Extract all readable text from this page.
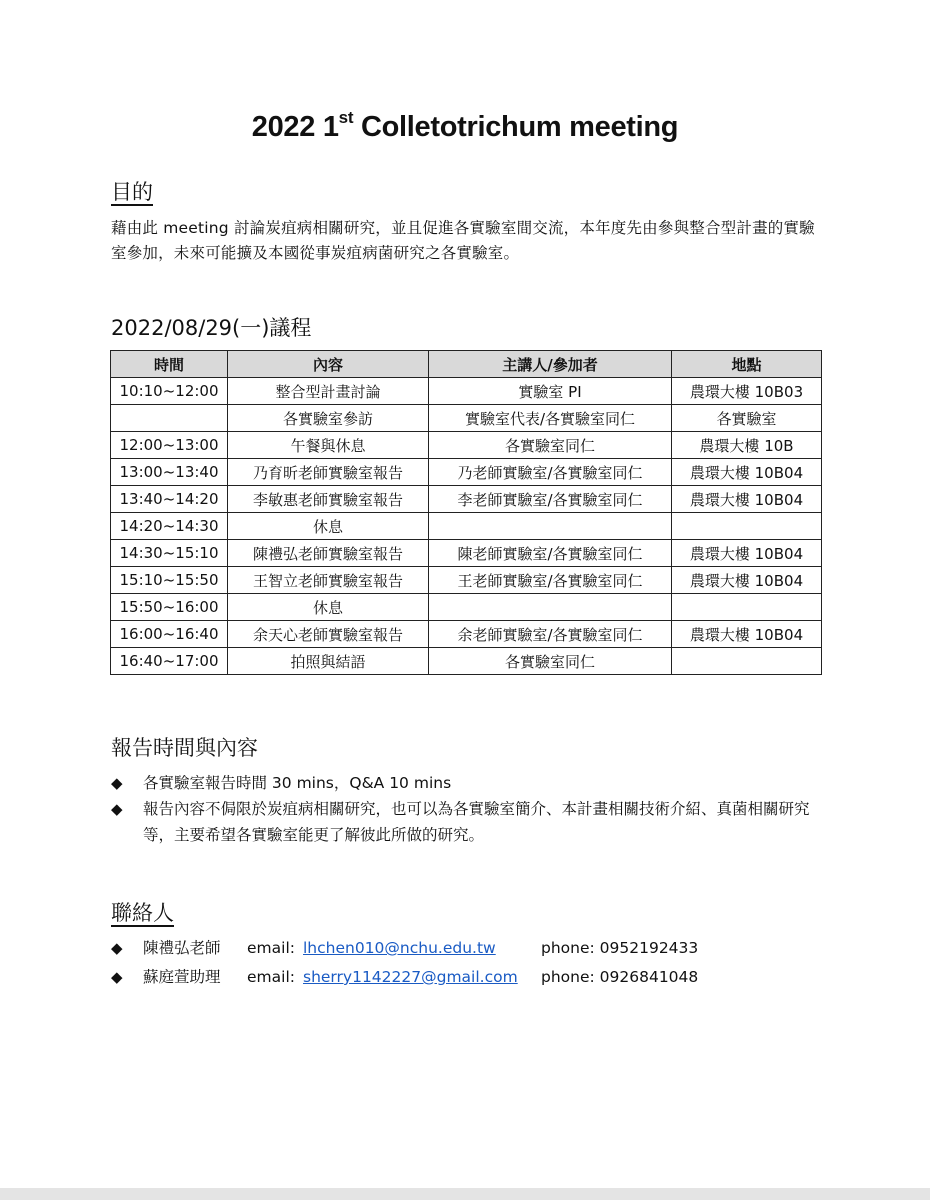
2022 1st Colletotrichum meeting
目的

藉由此 meeting 討論炭疽病相關研究，並且促進各實驗室間交流，本年度先由參與整合型計畫的實驗室參加，未來可能擴及本國從事炭疽病菌研究之各實驗室。

2022/08/29(一)議程
時間	內容	主講人/參加者	地點
10:10~12:00	整合型計畫討論	實驗室 PI	農環大樓 10B03
	各實驗室參訪	實驗室代表/各實驗室同仁	各實驗室
12:00~13:00	午餐與休息	各實驗室同仁	農環大樓 10B
13:00~13:40	乃育昕老師實驗室報告	乃老師實驗室/各實驗室同仁	農環大樓 10B04
13:40~14:20	李敏惠老師實驗室報告	李老師實驗室/各實驗室同仁	農環大樓 10B04
14:20~14:30	休息		
14:30~15:10	陳禮弘老師實驗室報告	陳老師實驗室/各實驗室同仁	農環大樓 10B04
15:10~15:50	王智立老師實驗室報告	王老師實驗室/各實驗室同仁	農環大樓 10B04
15:50~16:00	休息		
16:00~16:40	余天心老師實驗室報告	余老師實驗室/各實驗室同仁	農環大樓 10B04
16:40~17:00	拍照與結語	各實驗室同仁	
報告時間與內容
◆ 各實驗室報告時間 30 mins，Q&A 10 mins
◆ 報告內容不侷限於炭疽病相關研究，也可以為各實驗室簡介、本計畫相關技術介紹、真菌相關研究等，主要希望各實驗室能更了解彼此所做的研究。
聯絡人
◆ 陳禮弘老師 email: lhchen010@nchu.edu.tw	phone: 0952192433
◆ 蘇庭萱助理 email: sherry1142227@gmail.com phone: 0926841048
